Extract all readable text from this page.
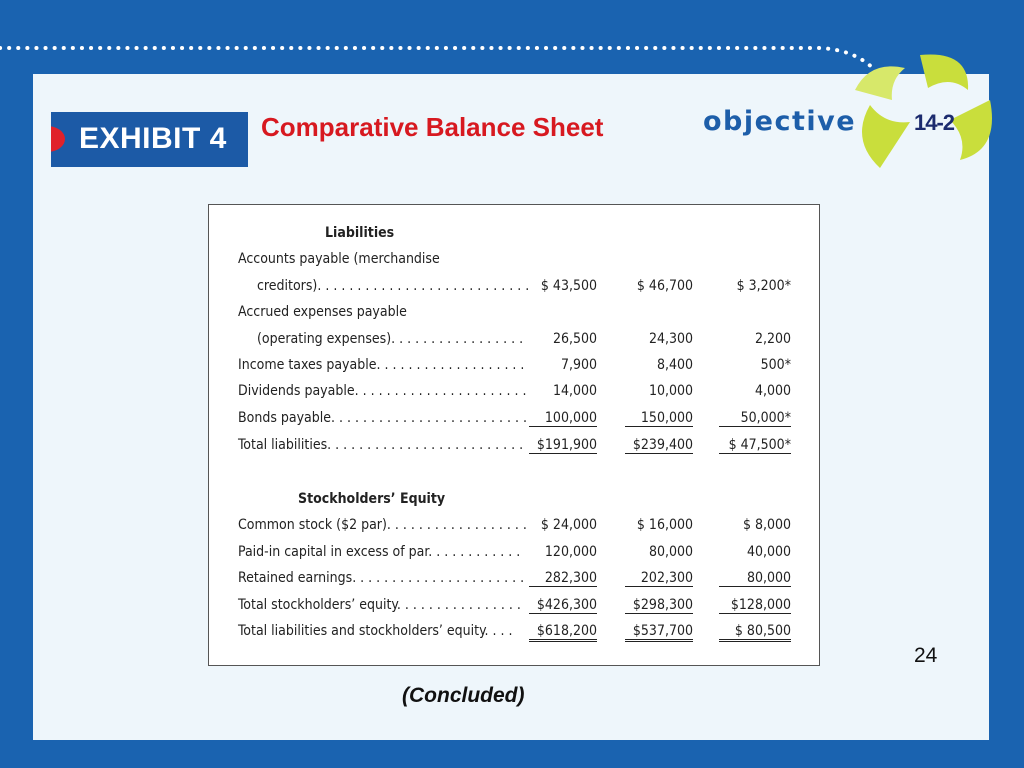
EXHIBIT 4 Comparative Balance Sheet	objective	14-2
Liabilities
Accounts payable (merchandise
creditors). . . . . . . . . . . . . . . . . . . . . . . . . . . $ 43,500	$ 46,700	$ 3,200*
Accrued expenses payable
(operating expenses). . . . . . . . . . . . . . . . .	26,500	24,300	2,200
Income taxes payable. . . . . . . . . . . . . . . . . . .	7,900	8,400	500*
Dividends payable. . . . . . . . . . . . . . . . . . . . . .	14,000	10,000	4,000
Bonds payable. . . . . . . . . . . . . . . . . . . . . . . . .	100,000	150,000	50,000*
Total liabilities. . . . . . . . . . . . . . . . . . . . . . . . . $191,900	$239,400	$ 47,500*
Stockholders’ Equity
Common stock ($2 par). . . . . . . . . . . . . . . . . .	$ 24,000	$ 16,000	$ 8,000
Paid-in capital in excess of par. . . . . . . . . . . .	120,000	80,000	40,000
Retained earnings. . . . . . . . . . . . . . . . . . . . . .	282,300	202,300	80,000
Total stockholders’ equity. . . . . . . . . . . . . . . .	$426,300	$298,300	$128,000
Total liabilities and stockholders’ equity. . . .	$618,200	$537,700	$ 80,500
24
(Concluded)
